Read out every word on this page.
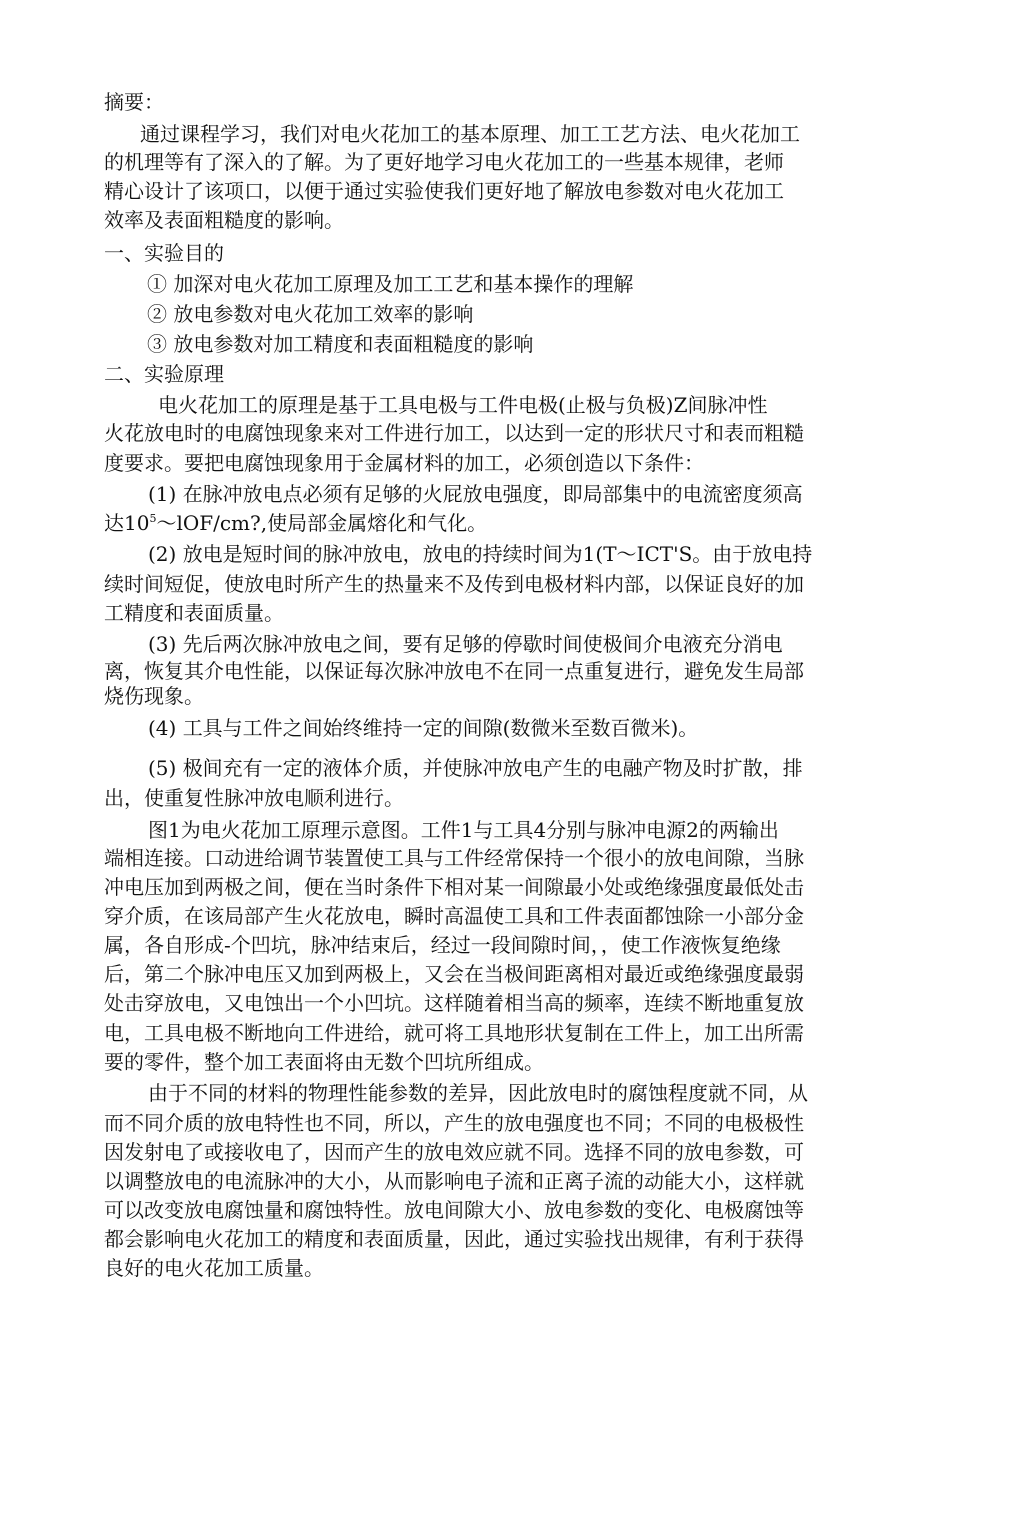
摘要：
通过课程学习，我们对电火花加工的基本原理、加工工艺方法、电火花加工
的机理等有了深入的了解。为了更好地学习电火花加工的一些基本规律，老师
精心设计了该项口，以便于通过实验使我们更好地了解放电参数对电火花加工
效率及表面粗糙度的影响。
一、实验目的
① 加深对电火花加工原理及加工工艺和基本操作的理解
② 放电参数对电火花加工效率的影响
③ 放电参数对加工精度和表面粗糙度的影响
二、实验原理
电火花加工的原理是基于工具电极与工件电极(止极与负极)Z间脉冲性
火花放电时的电腐蚀现象来对工件进行加工，以达到一定的形状尺寸和表而粗糙
度要求。要把电腐蚀现象用于金属材料的加工，必须创造以下条件：
(1) 在脉冲放电点必须有足够的火屁放电强度，即局部集中的电流密度须高
达$10^5\sim lOF/cm$?,使局部金属熔化和气化。
(2) 放电是短时间的脉冲放电，放电的持续时间为1(T～ICT'S。由于放电持
续时间短促，使放电时所产生的热量来不及传到电极材料内部，以保证良好的加
工精度和表面质量。
(3) 先后两次脉冲放电之间，要有足够的停歇时间使极间介电液充分消电
离，恢复其介电性能，以保证每次脉冲放电不在同一点重复进行，避免发生局部
烧伤现象。
(4) 工具与工件之间始终维持一定的间隙(数微米至数百微米)。
(5) 极间充有一定的液体介质，并使脉冲放电产生的电融产物及时扩散，排
出，使重复性脉冲放电顺利进行。
图1为电火花加工原理示意图。工件1与工具4分别与脉冲电源2的两输出
端相连接。口动进给调节装置使工具与工件经常保持一个很小的放电间隙，当脉
冲电压加到两极之间，便在当时条件下相对某一间隙最小处或绝缘强度最低处击
穿介质，在该局部产生火花放电，瞬时高温使工具和工件表面都蚀除一小部分金
属，各自形成-个凹坑，脉冲结束后，经过一段间隙时间，，使工作液恢复绝缘
后，第二个脉冲电压又加到两极上，又会在当极间距离相对最近或绝缘强度最弱
处击穿放电，又电蚀出一个小凹坑。这样随着相当高的频率，连续不断地重复放
电，工具电极不断地向工件进给，就可将工具地形状复制在工件上，加工出所需
要的零件，整个加工表面将由无数个凹坑所组成。
由于不同的材料的物理性能参数的差异，因此放电时的腐蚀程度就不同，从
而不同介质的放电特性也不同，所以，产生的放电强度也不同；不同的电极极性
因发射电了或接收电了，因而产生的放电效应就不同。选择不同的放电参数，可
以调整放电的电流脉冲的大小，从而影响电子流和正离子流的动能大小，这样就
可以改变放电腐蚀量和腐蚀特性。放电间隙大小、放电参数的变化、电极腐蚀等
都会影响电火花加工的精度和表面质量，因此，通过实验找出规律，有利于获得
良好的电火花加工质量。
